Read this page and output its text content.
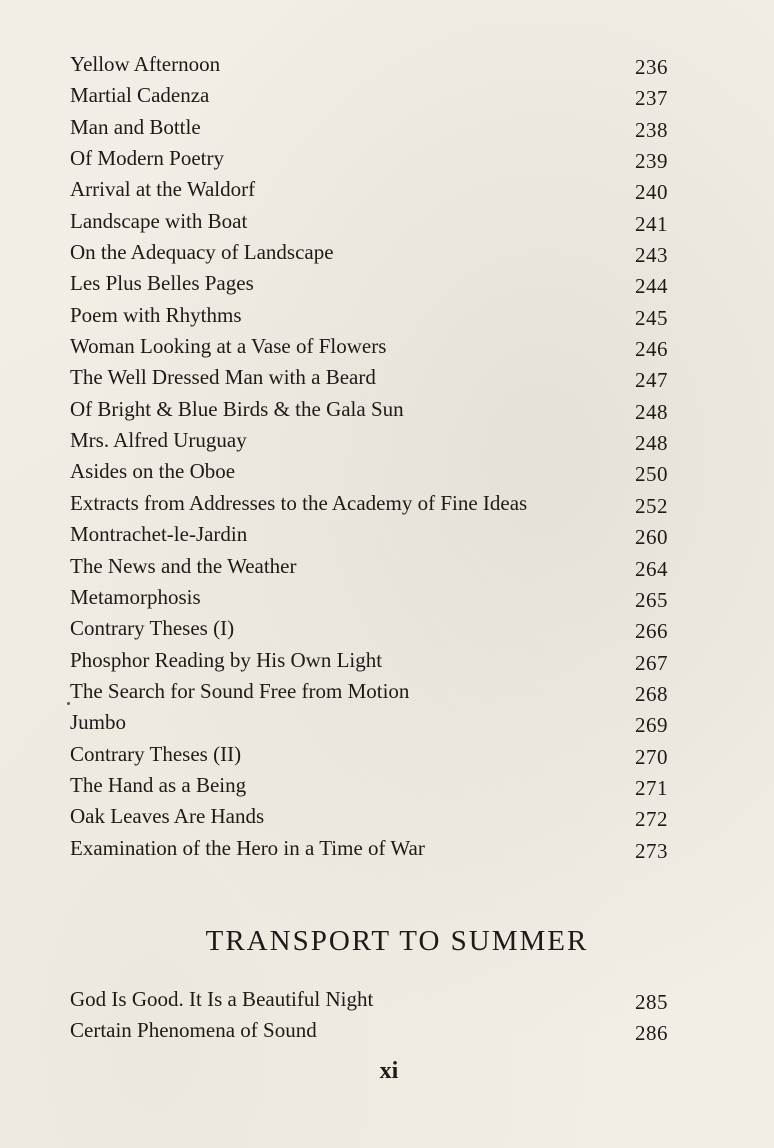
Yellow Afternoon	236
Martial Cadenza	237
Man and Bottle	238
Of Modern Poetry	239
Arrival at the Waldorf	240
Landscape with Boat	241
On the Adequacy of Landscape	243
Les Plus Belles Pages	244
Poem with Rhythms	245
Woman Looking at a Vase of Flowers	246
The Well Dressed Man with a Beard	247
Of Bright & Blue Birds & the Gala Sun	248
Mrs. Alfred Uruguay	248
Asides on the Oboe	250
Extracts from Addresses to the Academy of Fine Ideas	252
Montrachet-le-Jardin	260
The News and the Weather	264
Metamorphosis	265
Contrary Theses (I)	266
Phosphor Reading by His Own Light	267
The Search for Sound Free from Motion	268
Jumbo	269
Contrary Theses (II)	270
The Hand as a Being	271
Oak Leaves Are Hands	272
Examination of the Hero in a Time of War	273
TRANSPORT TO SUMMER
God Is Good. It Is a Beautiful Night	285
Certain Phenomena of Sound	286
xi
